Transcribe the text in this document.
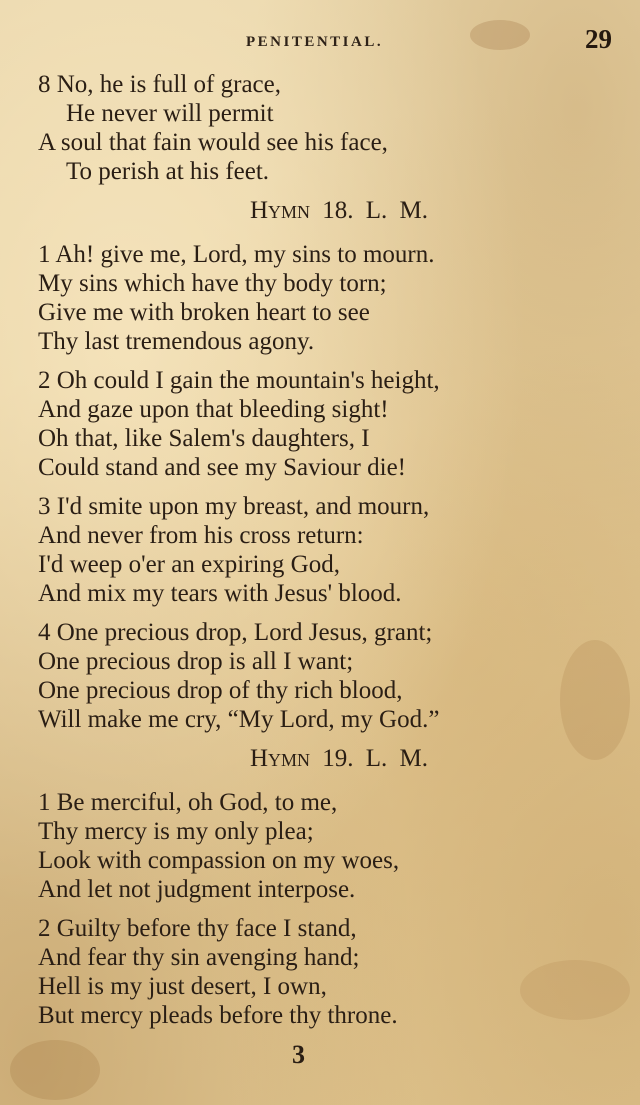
PENITENTIAL.	29
8 No, he is full of grace,
He never will permit
A soul that fain would see his face,
To perish at his feet.
Hymn 18. L. M.
1 Ah! give me, Lord, my sins to mourn.
My sins which have thy body torn;
Give me with broken heart to see
Thy last tremendous agony.
2 Oh could I gain the mountain's height,
And gaze upon that bleeding sight!
Oh that, like Salem's daughters, I
Could stand and see my Saviour die!
3 I'd smite upon my breast, and mourn,
And never from his cross return:
I'd weep o'er an expiring God,
And mix my tears with Jesus' blood.
4 One precious drop, Lord Jesus, grant;
One precious drop is all I want;
One precious drop of thy rich blood,
Will make me cry, “My Lord, my God.”
Hymn 19. L. M.
1 Be merciful, oh God, to me,
Thy mercy is my only plea;
Look with compassion on my woes,
And let not judgment interpose.
2 Guilty before thy face I stand,
And fear thy sin avenging hand;
Hell is my just desert, I own,
But mercy pleads before thy throne.
3
